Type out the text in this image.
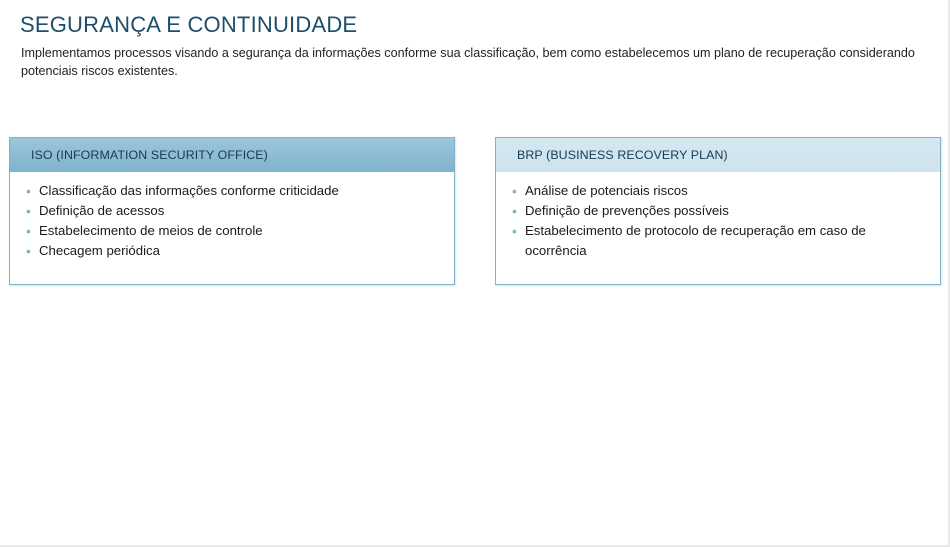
SEGURANÇA E CONTINUIDADE
Implementamos processos visando a segurança da informações conforme sua classificação, bem como estabelecemos um plano de recuperação considerando potenciais riscos existentes.
ISO (INFORMATION SECURITY OFFICE)
• Classificação das informações conforme criticidade
• Definição de acessos
• Estabelecimento de meios de controle
• Checagem periódica
BRP (BUSINESS RECOVERY PLAN)
• Análise de potenciais riscos
• Definição de prevenções possíveis
• Estabelecimento de protocolo de recuperação em caso de ocorrência
